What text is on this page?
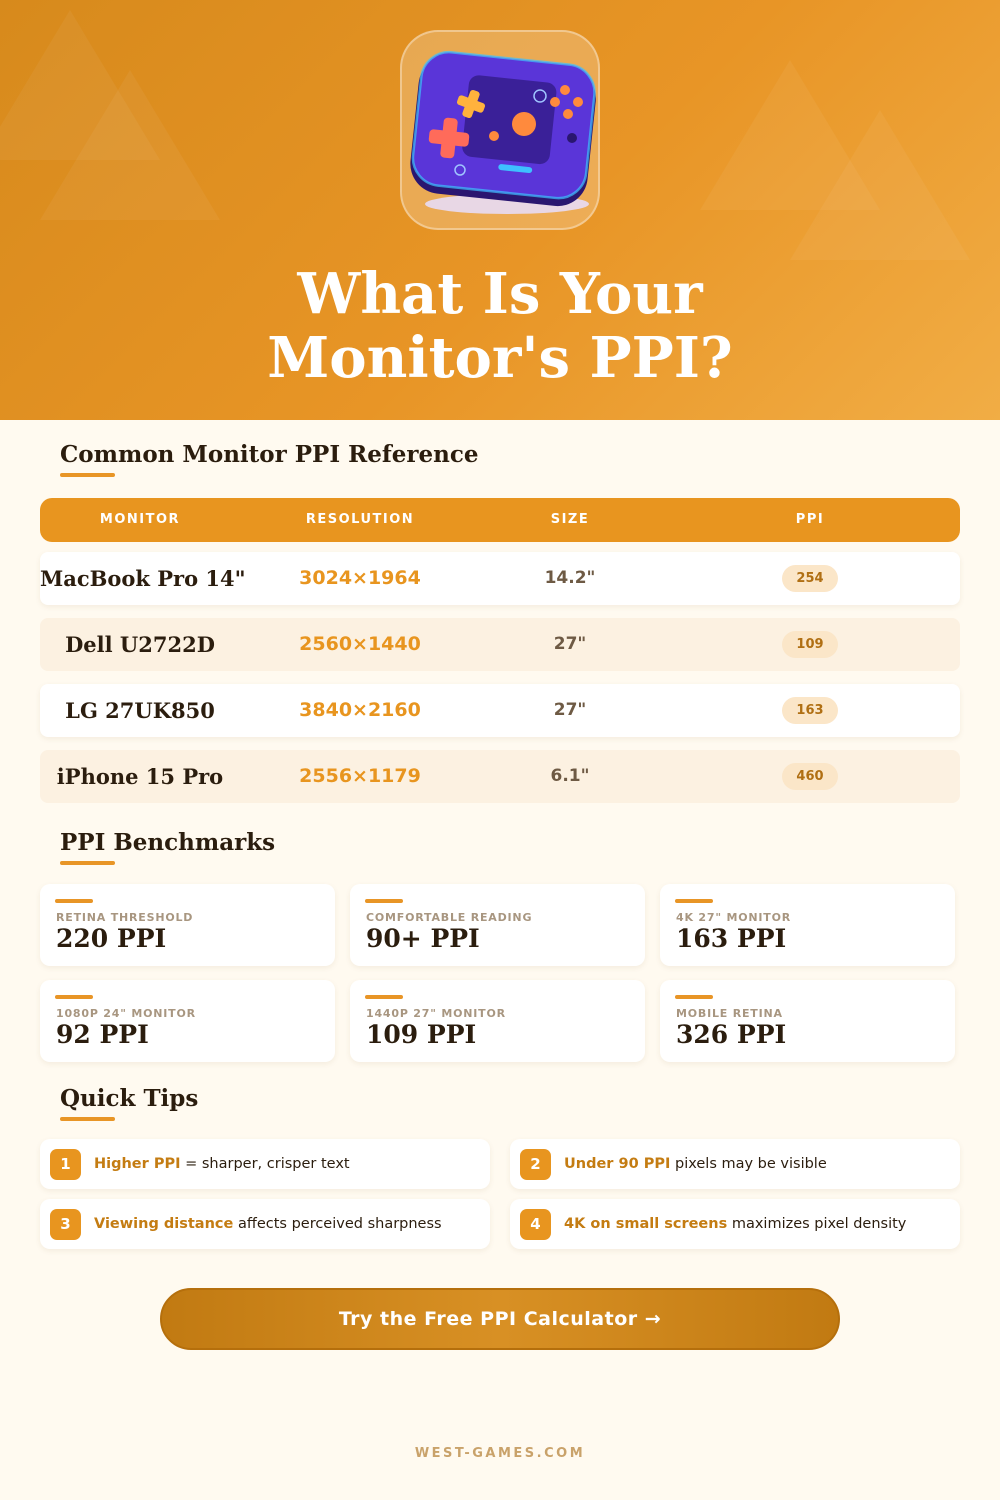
What Is Your
Monitor's PPI?
Common Monitor PPI Reference
MONITOR	RESOLUTION	SIZE	PPI
MacBook Pro 14"	3024×1964	14.2"	254
Dell U2722D	2560×1440	27"	109
LG 27UK850	3840×2160	27"	163
iPhone 15 Pro	2556×1179	6.1"	460
PPI Benchmarks
RETINA THRESHOLD
220 PPI
COMFORTABLE READING
90+ PPI
4K 27" MONITOR
163 PPI
1080P 24" MONITOR
92 PPI
1440P 27" MONITOR
109 PPI
MOBILE RETINA
326 PPI
Quick Tips
1	Higher PPI = sharper, crisper text	2	Under 90 PPI pixels may be visible
3	Viewing distance affects perceived sharpness	4	4K on small screens maximizes pixel density
Try the Free PPI Calculator →
WEST-GAMES.COM
